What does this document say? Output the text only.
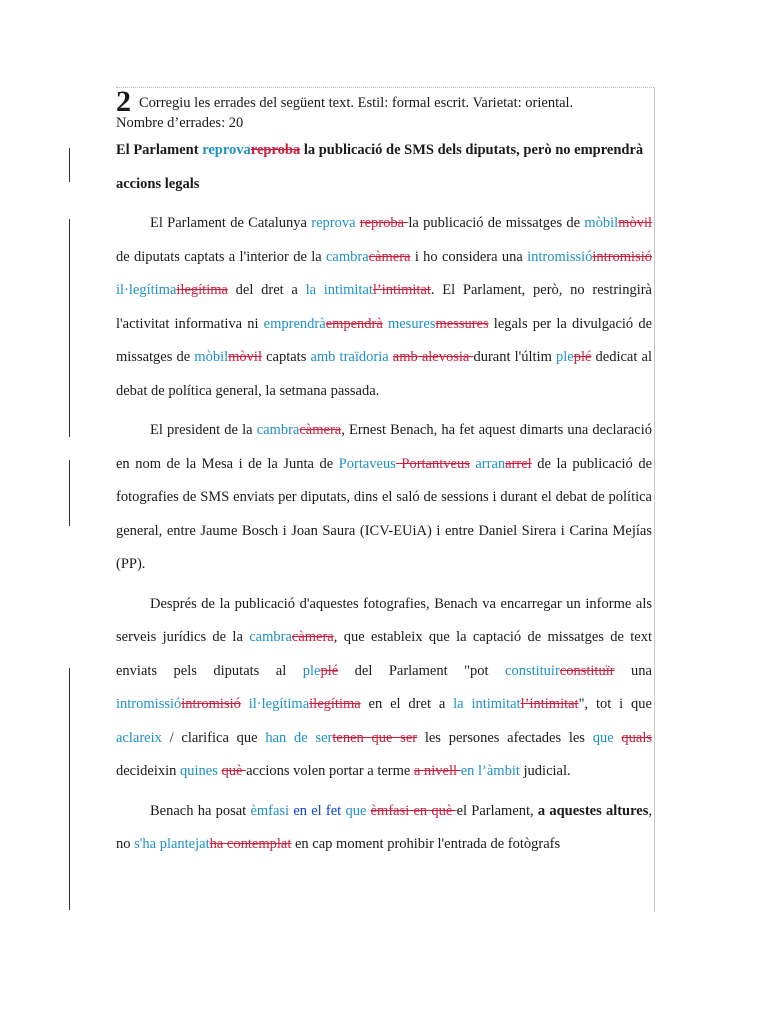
2 Corregiu les errades del següent text. Estil: formal escrit. Varietat: oriental.
Nombre d’errades: 20
El Parlament reprovareproba la publicació de SMS dels diputats, però no emprendrà accions legals

El Parlament de Catalunya reprova reproba la publicació de missatges de mòbilmòvil de diputats captats a l'interior de la cambracàmera i ho considera una intromissióintromisió il·legítimailegítima del dret a la intimitatl’intimitat. El Parlament, però, no restringirà l'activitat informativa ni emprendràempendrà mesuresmessures legals per la divulgació de missatges de mòbilmòvil captats amb traïdoria amb alevosia durant l'últim pleplé dedicat al debat de política general, la setmana passada.

El president de la cambracàmera, Ernest Benach, ha fet aquest dimarts una declaració en nom de la Mesa i de la Junta de Portaveus Portantveus arranarrel de la publicació de fotografies de SMS enviats per diputats, dins el saló de sessions i durant el debat de política general, entre Jaume Bosch i Joan Saura (ICV-EUiA) i entre Daniel Sirera i Carina Mejías (PP).

Després de la publicació d'aquestes fotografies, Benach va encarregar un informe als serveis jurídics de la cambracàmera, que estableix que la captació de missatges de text enviats pels diputats al pleplé del Parlament "pot constituirconstituïr una intromissióintromisió il·legítimailegítima en el dret a la intimitatl’intimitat", tot i que aclareix / clarifica que han de sertenen que ser les persones afectades les que quals decideixin quines què accions volen portar a terme a nivell en l’àmbit judicial.

Benach ha posat èmfasi en el fet que èmfasi en què el Parlament, a aquestes altures, no s'ha plantejatha contemplat en cap moment prohibir l'entrada de fotògrafs
